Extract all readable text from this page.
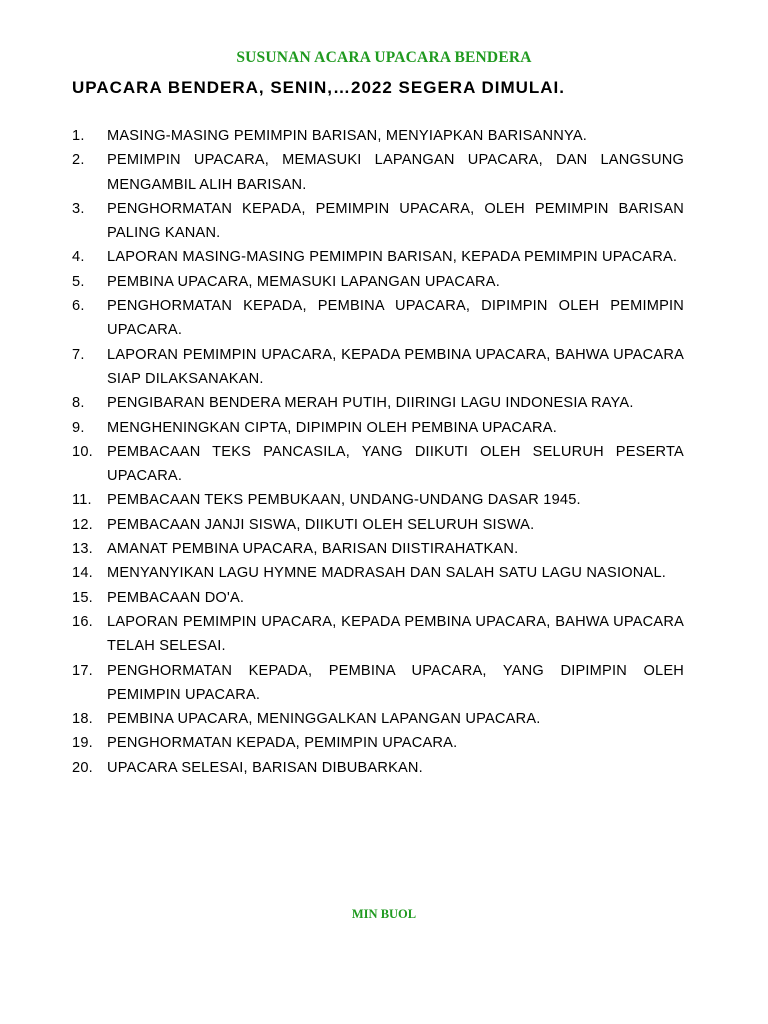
SUSUNAN ACARA UPACARA BENDERA
UPACARA BENDERA, SENIN,…2022 SEGERA DIMULAI.
1. MASING-MASING PEMIMPIN BARISAN, MENYIAPKAN BARISANNYA.
2. PEMIMPIN UPACARA, MEMASUKI LAPANGAN UPACARA, DAN LANGSUNG MENGAMBIL ALIH BARISAN.
3. PENGHORMATAN KEPADA, PEMIMPIN UPACARA, OLEH PEMIMPIN BARISAN PALING KANAN.
4. LAPORAN MASING-MASING PEMIMPIN BARISAN, KEPADA PEMIMPIN UPACARA.
5. PEMBINA UPACARA, MEMASUKI LAPANGAN UPACARA.
6. PENGHORMATAN KEPADA, PEMBINA UPACARA, DIPIMPIN OLEH PEMIMPIN UPACARA.
7. LAPORAN PEMIMPIN UPACARA, KEPADA PEMBINA UPACARA, BAHWA UPACARA SIAP DILAKSANAKAN.
8. PENGIBARAN BENDERA MERAH PUTIH, DIIRINGI LAGU INDONESIA RAYA.
9. MENGHENINGKAN CIPTA, DIPIMPIN OLEH PEMBINA UPACARA.
10. PEMBACAAN TEKS PANCASILA, YANG DIIKUTI OLEH SELURUH PESERTA UPACARA.
11. PEMBACAAN TEKS PEMBUKAAN, UNDANG-UNDANG DASAR 1945.
12. PEMBACAAN JANJI SISWA, DIIKUTI OLEH SELURUH SISWA.
13. AMANAT PEMBINA UPACARA, BARISAN DIISTIRAHATKAN.
14. MENYANYIKAN LAGU HYMNE MADRASAH DAN SALAH SATU LAGU NASIONAL.
15. PEMBACAAN DO'A.
16. LAPORAN PEMIMPIN UPACARA, KEPADA PEMBINA UPACARA, BAHWA UPACARA TELAH SELESAI.
17. PENGHORMATAN KEPADA, PEMBINA UPACARA, YANG DIPIMPIN OLEH PEMIMPIN UPACARA.
18. PEMBINA UPACARA, MENINGGALKAN LAPANGAN UPACARA.
19. PENGHORMATAN KEPADA, PEMIMPIN UPACARA.
20. UPACARA SELESAI, BARISAN DIBUBARKAN.
MIN BUOL
